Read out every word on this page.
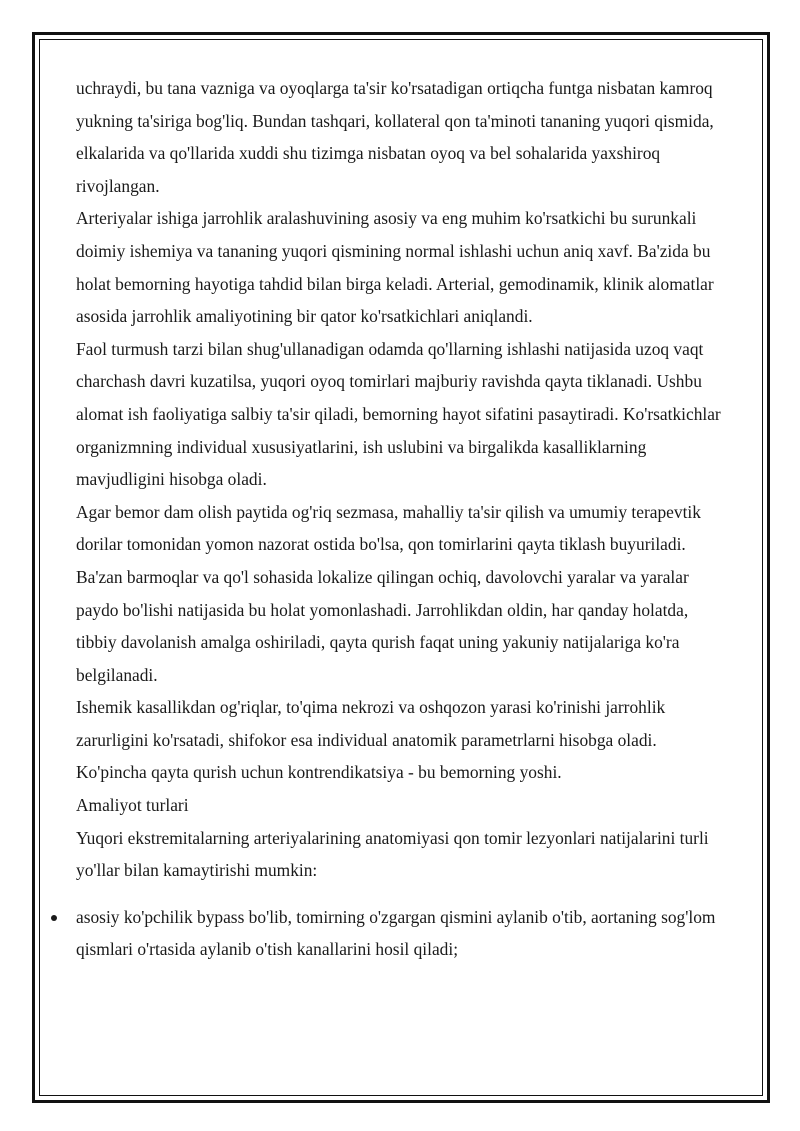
uchraydi, bu tana vazniga va oyoqlarga ta'sir ko'rsatadigan ortiqcha funtga nisbatan kamroq yukning ta'siriga bog'liq. Bundan tashqari, kollateral qon ta'minoti tananing yuqori qismida, elkalarida va qo'llarida xuddi shu tizimga nisbatan oyoq va bel sohalarida yaxshiroq rivojlangan.

Arteriyalar ishiga jarrohlik aralashuvining asosiy va eng muhim ko'rsatkichi bu surunkali doimiy ishemiya va tananing yuqori qismining normal ishlashi uchun aniq xavf. Ba'zida bu holat bemorning hayotiga tahdid bilan birga keladi. Arterial, gemodinamik, klinik alomatlar asosida jarrohlik amaliyotining bir qator ko'rsatkichlari aniqlandi.

Faol turmush tarzi bilan shug'ullanadigan odamda qo'llarning ishlashi natijasida uzoq vaqt charchash davri kuzatilsa, yuqori oyoq tomirlari majburiy ravishda qayta tiklanadi. Ushbu alomat ish faoliyatiga salbiy ta'sir qiladi, bemorning hayot sifatini pasaytiradi. Ko'rsatkichlar organizmning individual xususiyatlarini, ish uslubini va birgalikda kasalliklarning mavjudligini hisobga oladi.

Agar bemor dam olish paytida og'riq sezmasa, mahalliy ta'sir qilish va umumiy terapevtik dorilar tomonidan yomon nazorat ostida bo'lsa, qon tomirlarini qayta tiklash buyuriladi. Ba'zan barmoqlar va qo'l sohasida lokalize qilingan ochiq, davolovchi yaralar va yaralar paydo bo'lishi natijasida bu holat yomonlashadi. Jarrohlikdan oldin, har qanday holatda, tibbiy davolanish amalga oshiriladi, qayta qurish faqat uning yakuniy natijalariga ko'ra belgilanadi.

Ishemik kasallikdan og'riqlar, to'qima nekrozi va oshqozon yarasi ko'rinishi jarrohlik zarurligini ko'rsatadi, shifokor esa individual anatomik parametrlarni hisobga oladi. Ko'pincha qayta qurish uchun kontrendikatsiya - bu bemorning yoshi.

Amaliyot turlari

Yuqori ekstremitalarning arteriyalarining anatomiyasi qon tomir lezyonlari natijalarini turli yo'llar bilan kamaytirishi mumkin:

asosiy ko'pchilik bypass bo'lib, tomirning o'zgargan qismini aylanib o'tib, aortaning sog'lom qismlari o'rtasida aylanib o'tish kanallarini hosil qiladi;
